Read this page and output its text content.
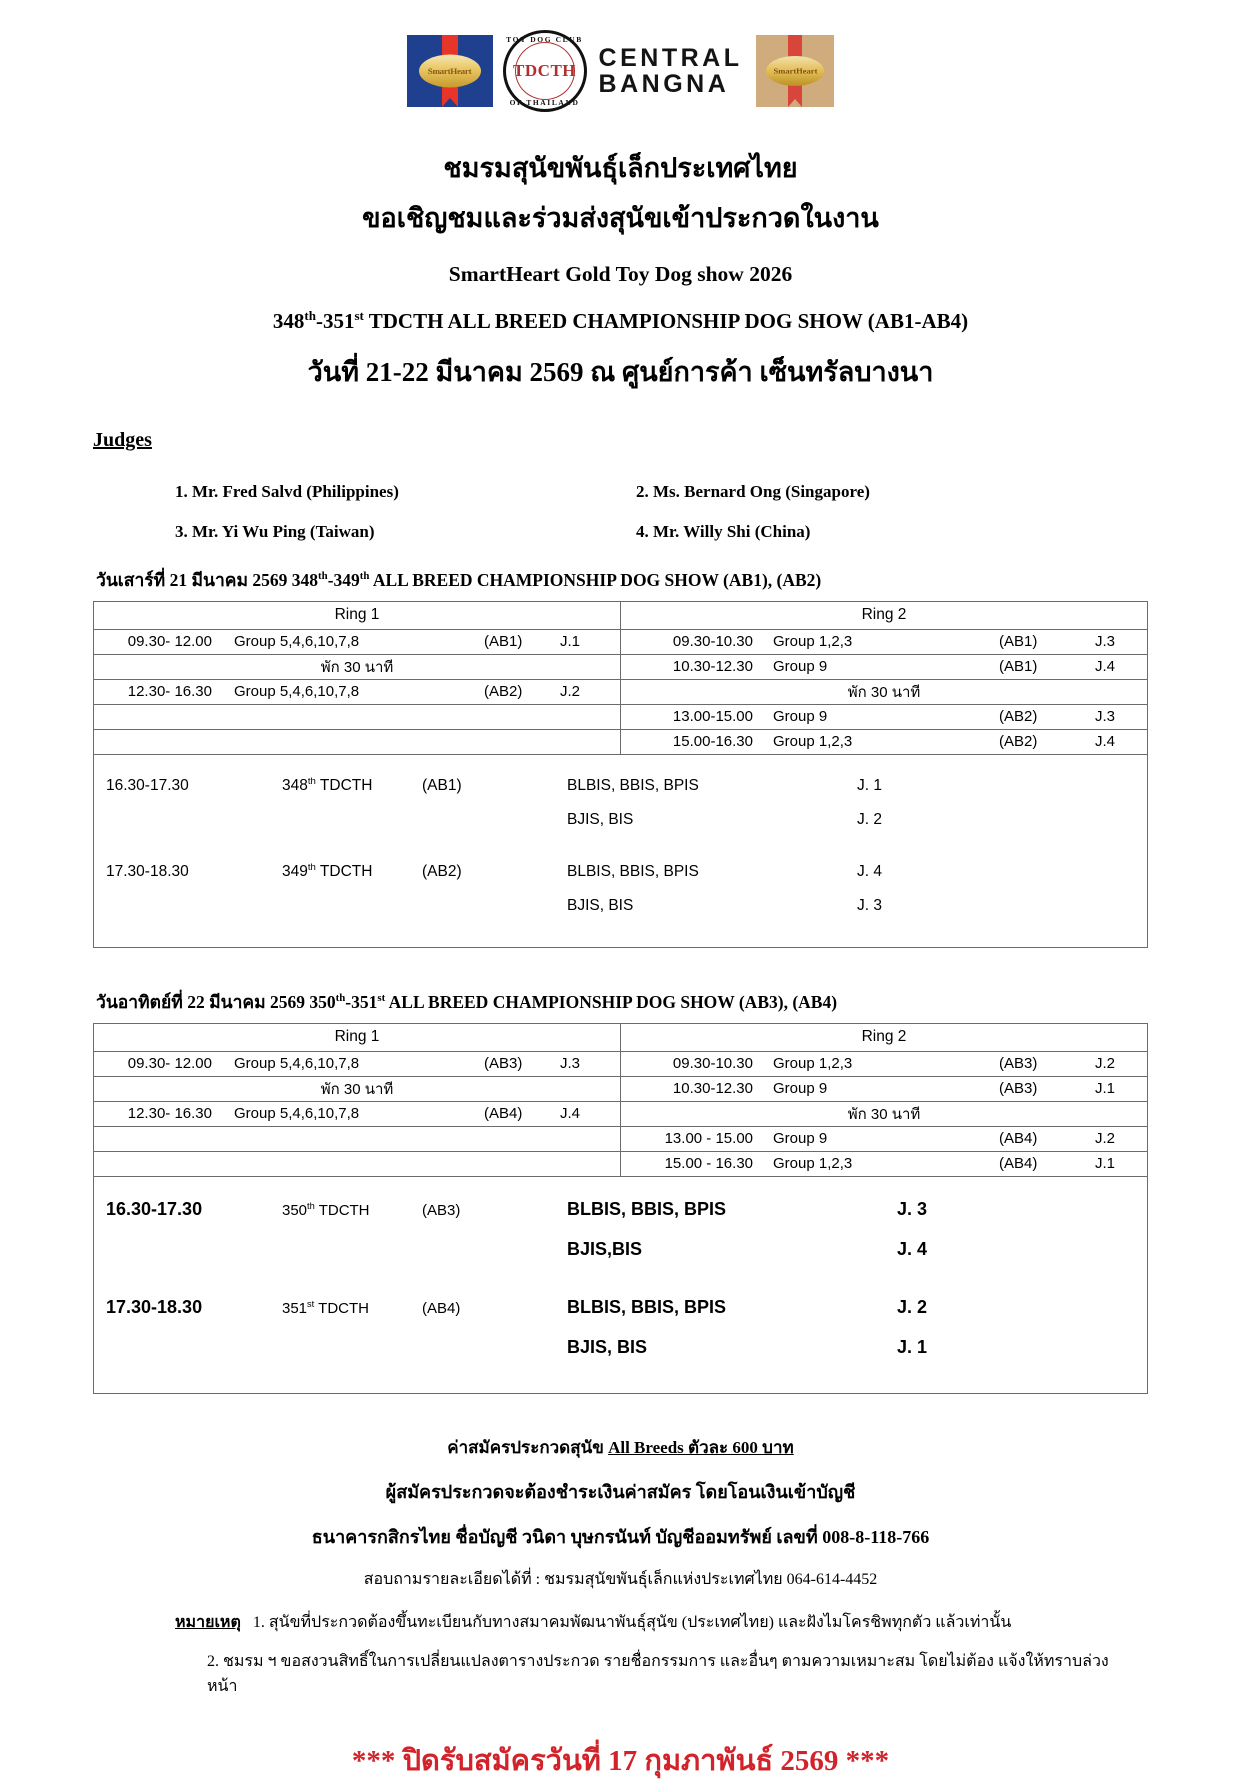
SmartHeart
TOY DOG CLUB
TDCTH
OF THAILAND
CENTRAL
BANGNA	SmartHeart
ชมรมสุนัขพันธุ์เล็กประเทศไทย
ขอเชิญชมและร่วมส่งสุนัขเข้าประกวดในงาน
SmartHeart Gold Toy Dog show 2026
348th-351st TDCTH ALL BREED CHAMPIONSHIP DOG SHOW (AB1-AB4)
วันที่ 21-22 มีนาคม 2569 ณ ศูนย์การค้า เซ็นทรัลบางนา
Judges
1. Mr. Fred Salvd (Philippines)	2. Ms. Bernard Ong (Singapore)
3. Mr. Yi Wu Ping (Taiwan)	4. Mr. Willy Shi (China)
วันเสาร์ที่ 21 มีนาคม 2569 348th-349th ALL BREED CHAMPIONSHIP DOG SHOW (AB1), (AB2)
Ring 1	Ring 2

09.30- 12.00 Group 5,4,6,10,7,8 (AB1) J.1	09.30-10.30 Group 1,2,3 (AB1) J.3

พัก 30 นาที	10.30-12.30 Group 9 (AB1) J.4

12.30- 16.30 Group 5,4,6,10,7,8 (AB2) J.2	พัก 30 นาที

	13.00-15.00 Group 9 (AB2) J.3

	15.00-16.30 Group 1,2,3 (AB2) J.4
16.30-17.30	348th TDCTH	(AB1)	BLBIS, BBIS, BPIS	J. 1
BJIS, BIS	J. 2
17.30-18.30	349th TDCTH	(AB2)	BLBIS, BBIS, BPIS	J. 4
BJIS, BIS	J. 3
วันอาทิตย์ที่ 22 มีนาคม 2569 350th-351st ALL BREED CHAMPIONSHIP DOG SHOW (AB3), (AB4)
Ring 1	Ring 2

09.30- 12.00 Group 5,4,6,10,7,8 (AB3) J.3	09.30-10.30 Group 1,2,3 (AB3) J.2

พัก 30 นาที	10.30-12.30 Group 9 (AB3) J.1

12.30- 16.30 Group 5,4,6,10,7,8 (AB4) J.4	พัก 30 นาที

	13.00 - 15.00 Group 9 (AB4) J.2

	15.00 - 16.30 Group 1,2,3 (AB4) J.1
16.30-17.30	350th TDCTH	(AB3)	BLBIS, BBIS, BPIS	J. 3
BJIS,BIS	J. 4
17.30-18.30	351st TDCTH	(AB4)	BLBIS, BBIS, BPIS	J. 2
BJIS, BIS	J. 1
ค่าสมัครประกวดสุนัข All Breeds ตัวละ 600 บาท
ผู้สมัครประกวดจะต้องชำระเงินค่าสมัคร โดยโอนเงินเข้าบัญชี
ธนาคารกสิกรไทย ชื่อบัญชี วนิดา บุษกรนันท์ บัญชีออมทรัพย์ เลขที่ 008-8-118-766
สอบถามรายละเอียดได้ที่ : ชมรมสุนัขพันธุ์เล็กแห่งประเทศไทย 064-614-4452
หมายเหตุ 1. สุนัขที่ประกวดต้องขึ้นทะเบียนกับทางสมาคมพัฒนาพันธุ์สุนัข (ประเทศไทย) และฝังไมโครชิพทุกตัว แล้วเท่านั้น
2. ชมรม ฯ ขอสงวนสิทธิ์ในการเปลี่ยนแปลงตารางประกวด รายชื่อกรรมการ และอื่นๆ ตามความเหมาะสม โดยไม่ต้อง แจ้งให้ทราบล่วงหน้า
*** ปิดรับสมัครวันที่ 17 กุมภาพันธ์ 2569 ***
